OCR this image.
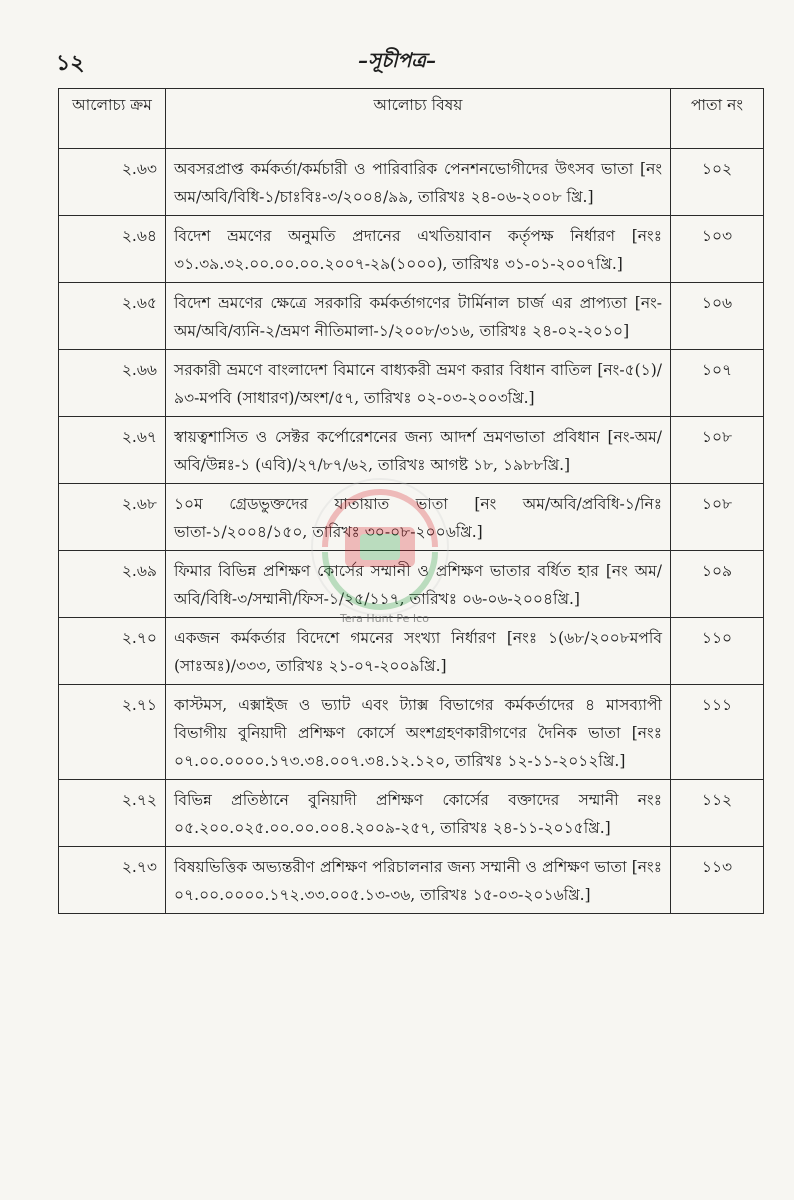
১২	–সূচীপত্র–
আলোচ্য ক্রম	আলোচ্য বিষয়	পাতা নং
২.৬৩	অবসরপ্রাপ্ত কর্মকর্তা/কর্মচারী ও পারিবারিক পেনশনভোগীদের উৎসব ভাতা [নং অম/অবি/বিধি-১/চাঃবিঃ-৩/২০০৪/৯৯, তারিখঃ ২৪-০৬-২০০৮ খ্রি.]	১০২
২.৬৪	বিদেশ ভ্রমণের অনুমতি প্রদানের এখতিয়াবান কর্তৃপক্ষ নির্ধারণ [নংঃ ৩১.৩৯.৩২.০০.০০.০০.২০০৭-২৯(১০০০), তারিখঃ ৩১-০১-২০০৭খ্রি.]	১০৩
২.৬৫	বিদেশ ভ্রমণের ক্ষেত্রে সরকারি কর্মকর্তাগণের টার্মিনাল চার্জ এর প্রাপ্যতা [নং-অম/অবি/ব্যনি-২/ভ্রমণ নীতিমালা-১/২০০৮/৩১৬, তারিখঃ ২৪-০২-২০১০]	১০৬
২.৬৬	সরকারী ভ্রমণে বাংলাদেশ বিমানে বাধ্যকরী ভ্রমণ করার বিধান বাতিল [নং-৫(১)/৯৩-মপবি (সাধারণ)/অংশ/৫৭, তারিখঃ ০২-০৩-২০০৩খ্রি.]	১০৭
২.৬৭	স্বায়ত্বশাসিত ও সেক্টর কর্পোরেশনের জন্য আদর্শ ভ্রমণভাতা প্রবিধান [নং-অম/অবি/উন্নঃ-১ (এবি)/২৭/৮৭/৬২, তারিখঃ আগষ্ট ১৮, ১৯৮৮খ্রি.]	১০৮
২.৬৮	১০ম গ্রেডভুক্তদের যাতায়াত ভাতা [নং অম/অবি/প্রবিধি-১/নিঃ ভাতা-১/২০০৪/১৫০, তারিখঃ ৩০-০৮-২০০৬খ্রি.]	১০৮
২.৬৯	ফিমার বিভিন্ন প্রশিক্ষণ কোর্সের সম্মানী ও প্রশিক্ষণ ভাতার বর্ধিত হার [নং অম/অবি/বিধি-৩/সম্মানী/ফিস-১/২৫/১১৭, তারিখঃ ০৬-০৬-২০০৪খ্রি.]	১০৯
২.৭০	একজন কর্মকর্তার বিদেশে গমনের সংখ্যা নির্ধারণ [নংঃ ১(৬৮/২০০৮মপবি (সাঃঅঃ)/৩৩৩, তারিখঃ ২১-০৭-২০০৯খ্রি.]	১১০
২.৭১	কাস্টমস, এক্সাইজ ও ভ্যাট এবং ট্যাক্স বিভাগের কর্মকর্তাদের ৪ মাসব্যাপী বিভাগীয় বুনিয়াদী প্রশিক্ষণ কোর্সে অংশগ্রহণকারীগণের দৈনিক ভাতা [নংঃ ০৭.০০.০০০০.১৭৩.৩৪.০০৭.৩৪.১২.১২০, তারিখঃ ১২-১১-২০১২খ্রি.]	১১১
২.৭২	বিভিন্ন প্রতিষ্ঠানে বুনিয়াদী প্রশিক্ষণ কোর্সের বক্তাদের সম্মানী নংঃ ০৫.২০০.০২৫.০০.০০.০০৪.২০০৯-২৫৭, তারিখঃ ২৪-১১-২০১৫খ্রি.]	১১২
২.৭৩	বিষয়ভিত্তিক অভ্যন্তরীণ প্রশিক্ষণ পরিচালনার জন্য সম্মানী ও প্রশিক্ষণ ভাতা [নংঃ ০৭.০০.০০০০.১৭২.৩৩.০০৫.১৩-৩৬, তারিখঃ ১৫-০৩-২০১৬খ্রি.]	১১৩
Tera Hunt Pe Ico
